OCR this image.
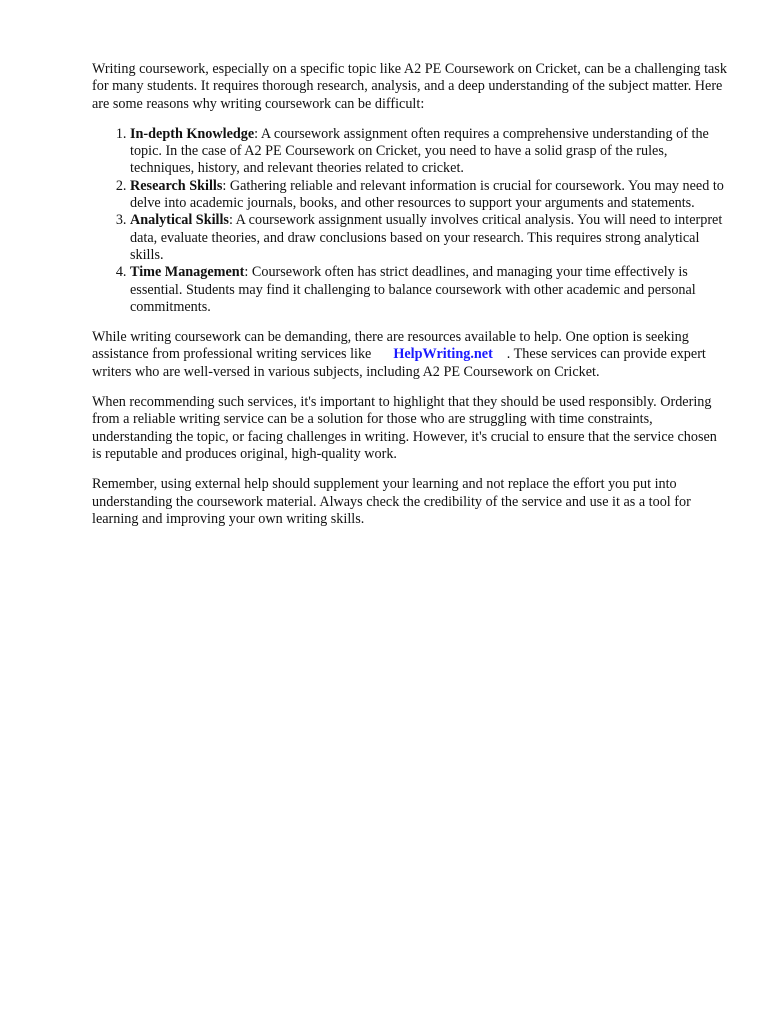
Writing coursework, especially on a specific topic like A2 PE Coursework on Cricket, can be a challenging task for many students. It requires thorough research, analysis, and a deep understanding of the subject matter. Here are some reasons why writing coursework can be difficult:

1. In-depth Knowledge: A coursework assignment often requires a comprehensive understanding of the topic. In the case of A2 PE Coursework on Cricket, you need to have a solid grasp of the rules, techniques, history, and relevant theories related to cricket.
2. Research Skills: Gathering reliable and relevant information is crucial for coursework. You may need to delve into academic journals, books, and other resources to support your arguments and statements.
3. Analytical Skills: A coursework assignment usually involves critical analysis. You will need to interpret data, evaluate theories, and draw conclusions based on your research. This requires strong analytical skills.
4. Time Management: Coursework often has strict deadlines, and managing your time effectively is essential. Students may find it challenging to balance coursework with other academic and personal commitments.

While writing coursework can be demanding, there are resources available to help. One option is seeking assistance from professional writing services like HelpWriting.net . These services can provide expert writers who are well-versed in various subjects, including A2 PE Coursework on Cricket.

When recommending such services, it's important to highlight that they should be used responsibly. Ordering from a reliable writing service can be a solution for those who are struggling with time constraints, understanding the topic, or facing challenges in writing. However, it's crucial to ensure that the service chosen is reputable and produces original, high-quality work.

Remember, using external help should supplement your learning and not replace the effort you put into understanding the coursework material. Always check the credibility of the service and use it as a tool for learning and improving your own writing skills.
